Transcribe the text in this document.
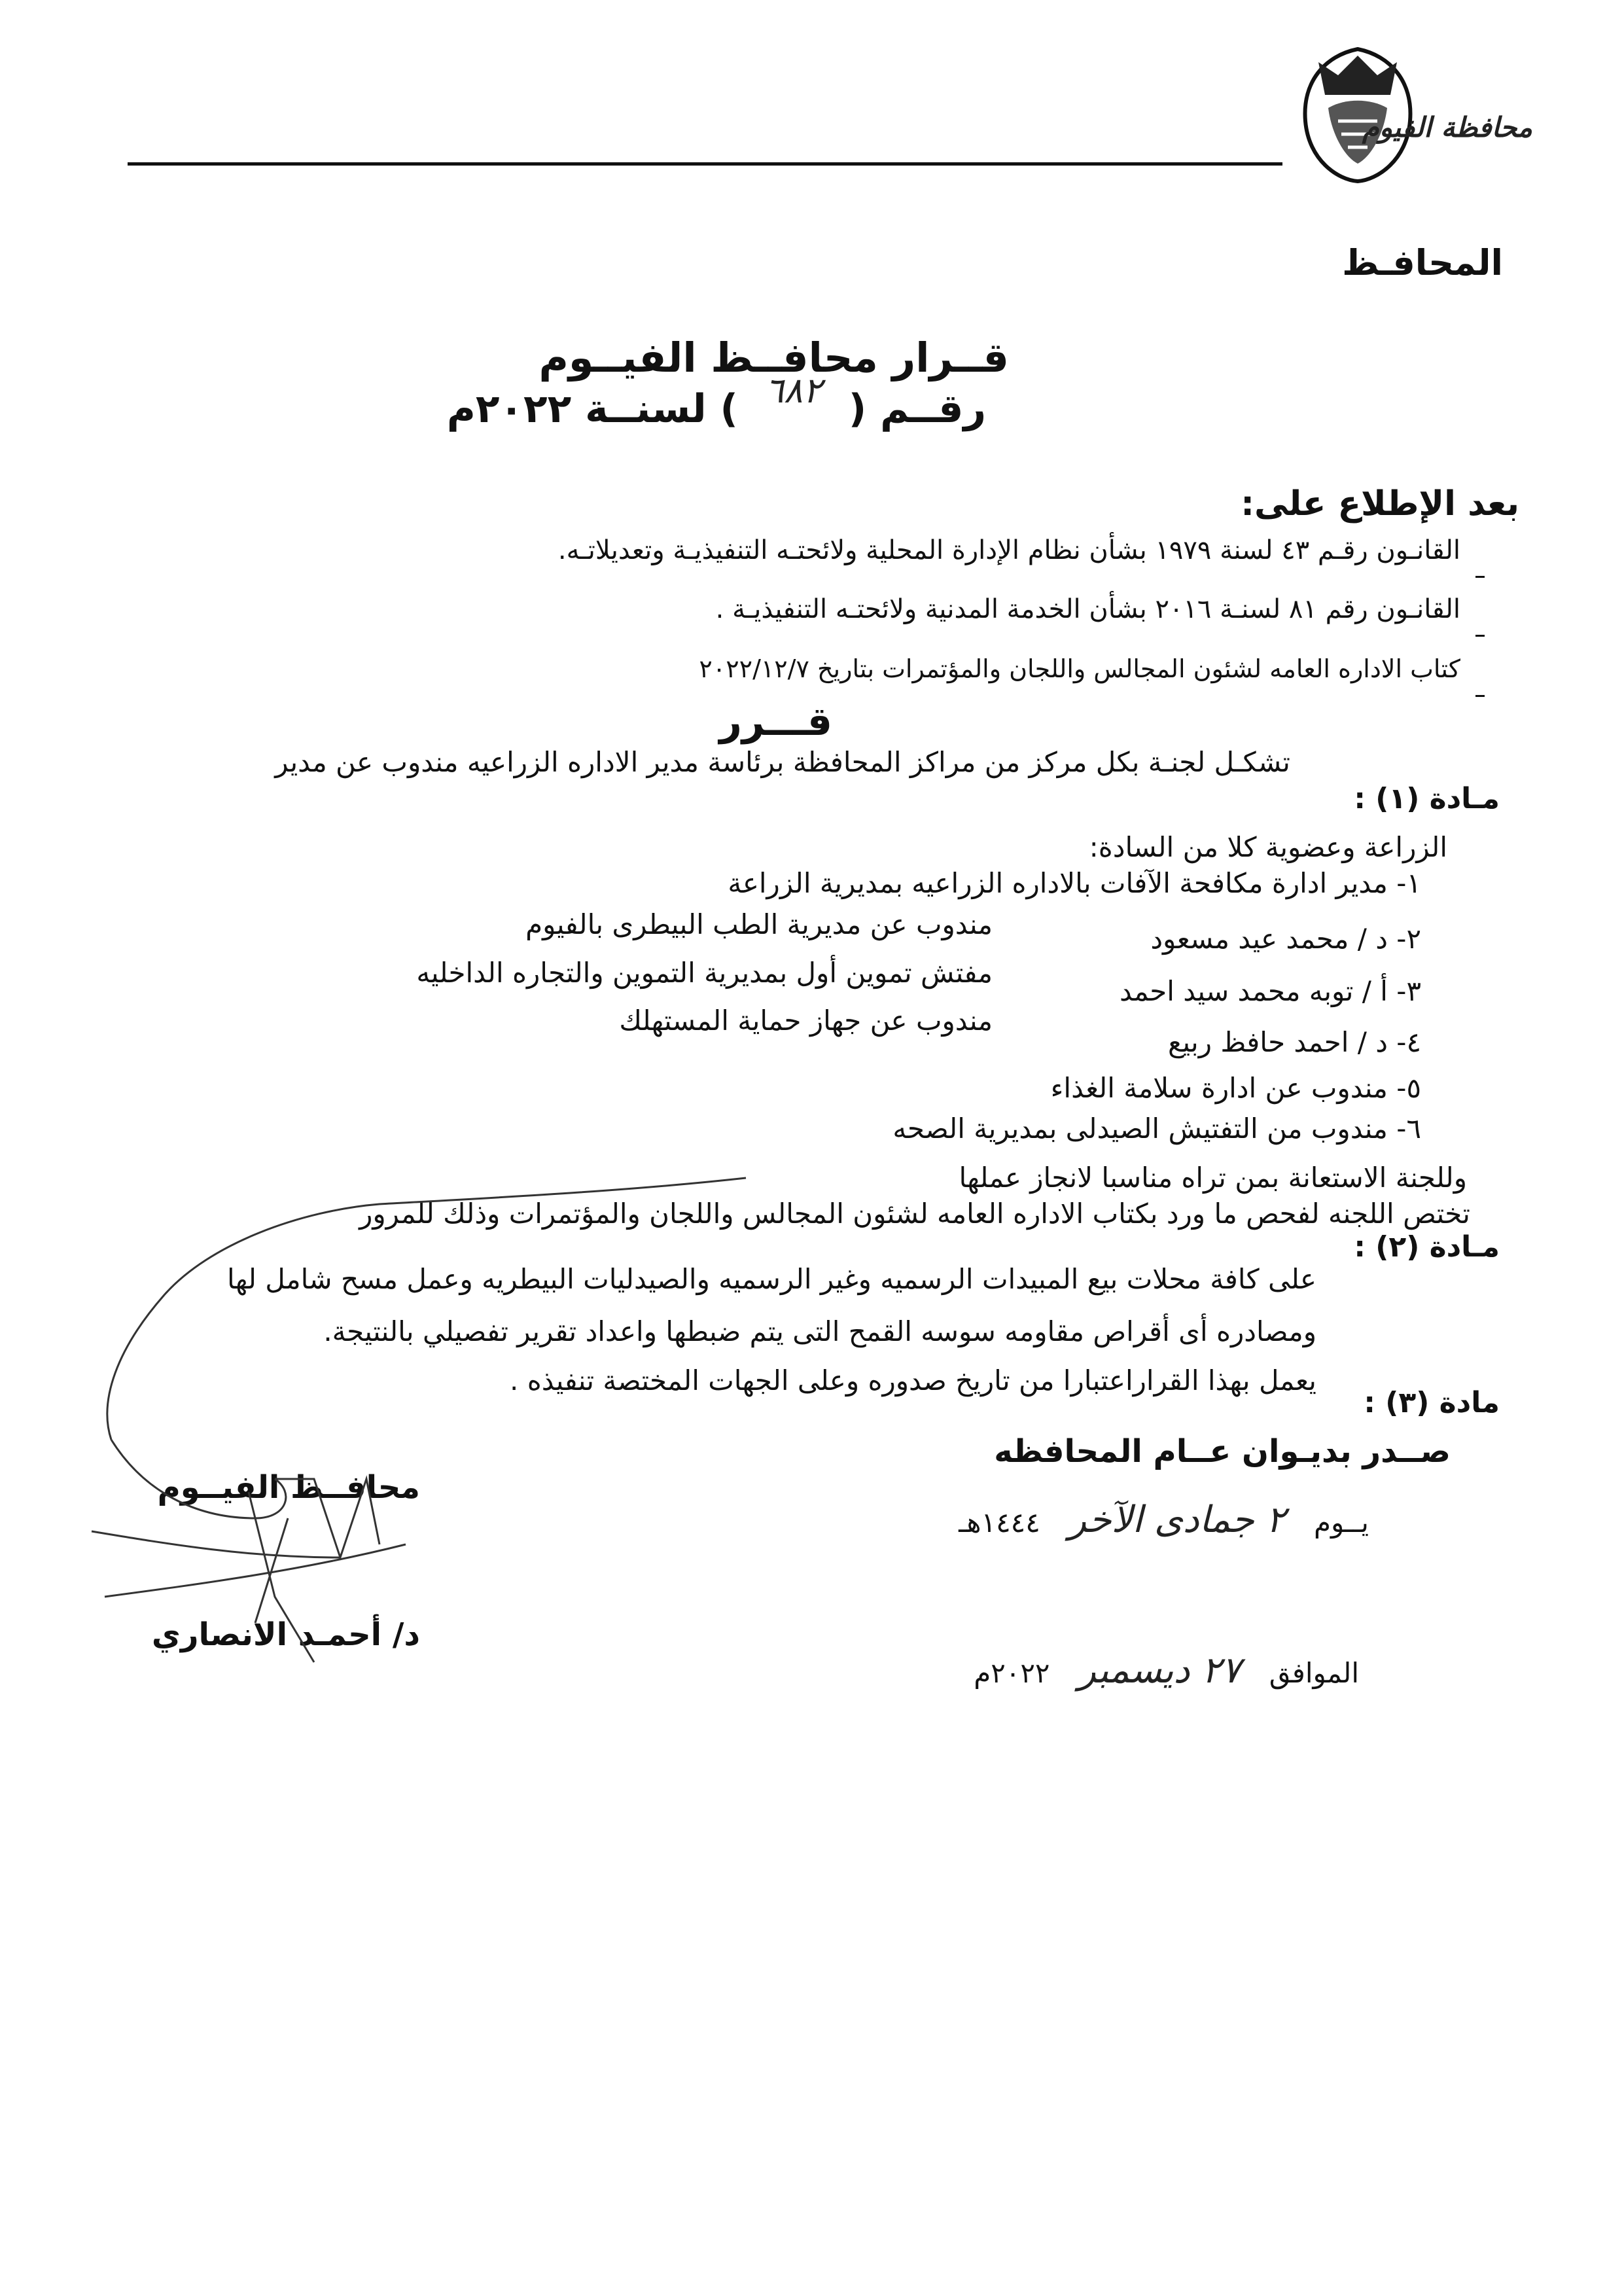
محافظة الفيوم
المحافـظ
قــرار محافــظ الفيــوم
رقــم ( ٦٨٢ ) لسنــة ٢٠٢٢م
بعد الإطلاع على:
القانـون رقـم ٤٣ لسنة ١٩٧٩ بشأن نظام الإدارة المحلية ولائحتـه التنفيذيـة وتعديلاتـه.
القانـون رقم ٨١ لسنـة ٢٠١٦ بشأن الخدمة المدنية ولائحتـه التنفيذيـة .
كتاب الاداره العامه لشئون المجالس واللجان والمؤتمرات بتاريخ ٢٠٢٢/١٢/٧
قـــرر
مـادة (١) :
تشكـل لجنـة بكل مركز من مراكز المحافظة برئاسة مدير الاداره الزراعيه مندوب عن مدير
الزراعة وعضوية كلا من السادة:
١- مدير ادارة مكافحة الآفات بالاداره الزراعيه بمديرية الزراعة
٢- د / محمد عيد مسعود
مندوب عن مديرية الطب البيطرى بالفيوم
٣- أ / توبه محمد سيد احمد
مفتش تموين أول بمديرية التموين والتجاره الداخليه
٤- د / احمد حافظ ربيع
مندوب عن جهاز حماية المستهلك
٥- مندوب عن ادارة سلامة الغذاء
٦- مندوب من التفتيش الصيدلى بمديرية الصحه
وللجنة الاستعانة بمن تراه مناسبا لانجاز عملها
تختص اللجنه لفحص ما ورد بكتاب الاداره العامه لشئون المجالس واللجان والمؤتمرات وذلك للمرور
مـادة (٢) :
على كافة محلات بيع المبيدات الرسميه وغير الرسميه والصيدليات البيطريه وعمل مسح شامل لها
ومصادره أى أقراص مقاومه سوسه القمح التى يتم ضبطها واعداد تقرير تفصيلي بالنتيجة.
مادة (٣) :
يعمل بهذا القراراعتبارا من تاريخ صدوره وعلى الجهات المختصة تنفيذه .
صــدر بديـوان عــام المحافظه
يــوم ٢ جمادى الآخر ١٤٤٤هـ
الموافق ٢٧ ديسمبر ٢٠٢٢م
محافــظ الفيــوم
د/ أحمـد الانصاري
